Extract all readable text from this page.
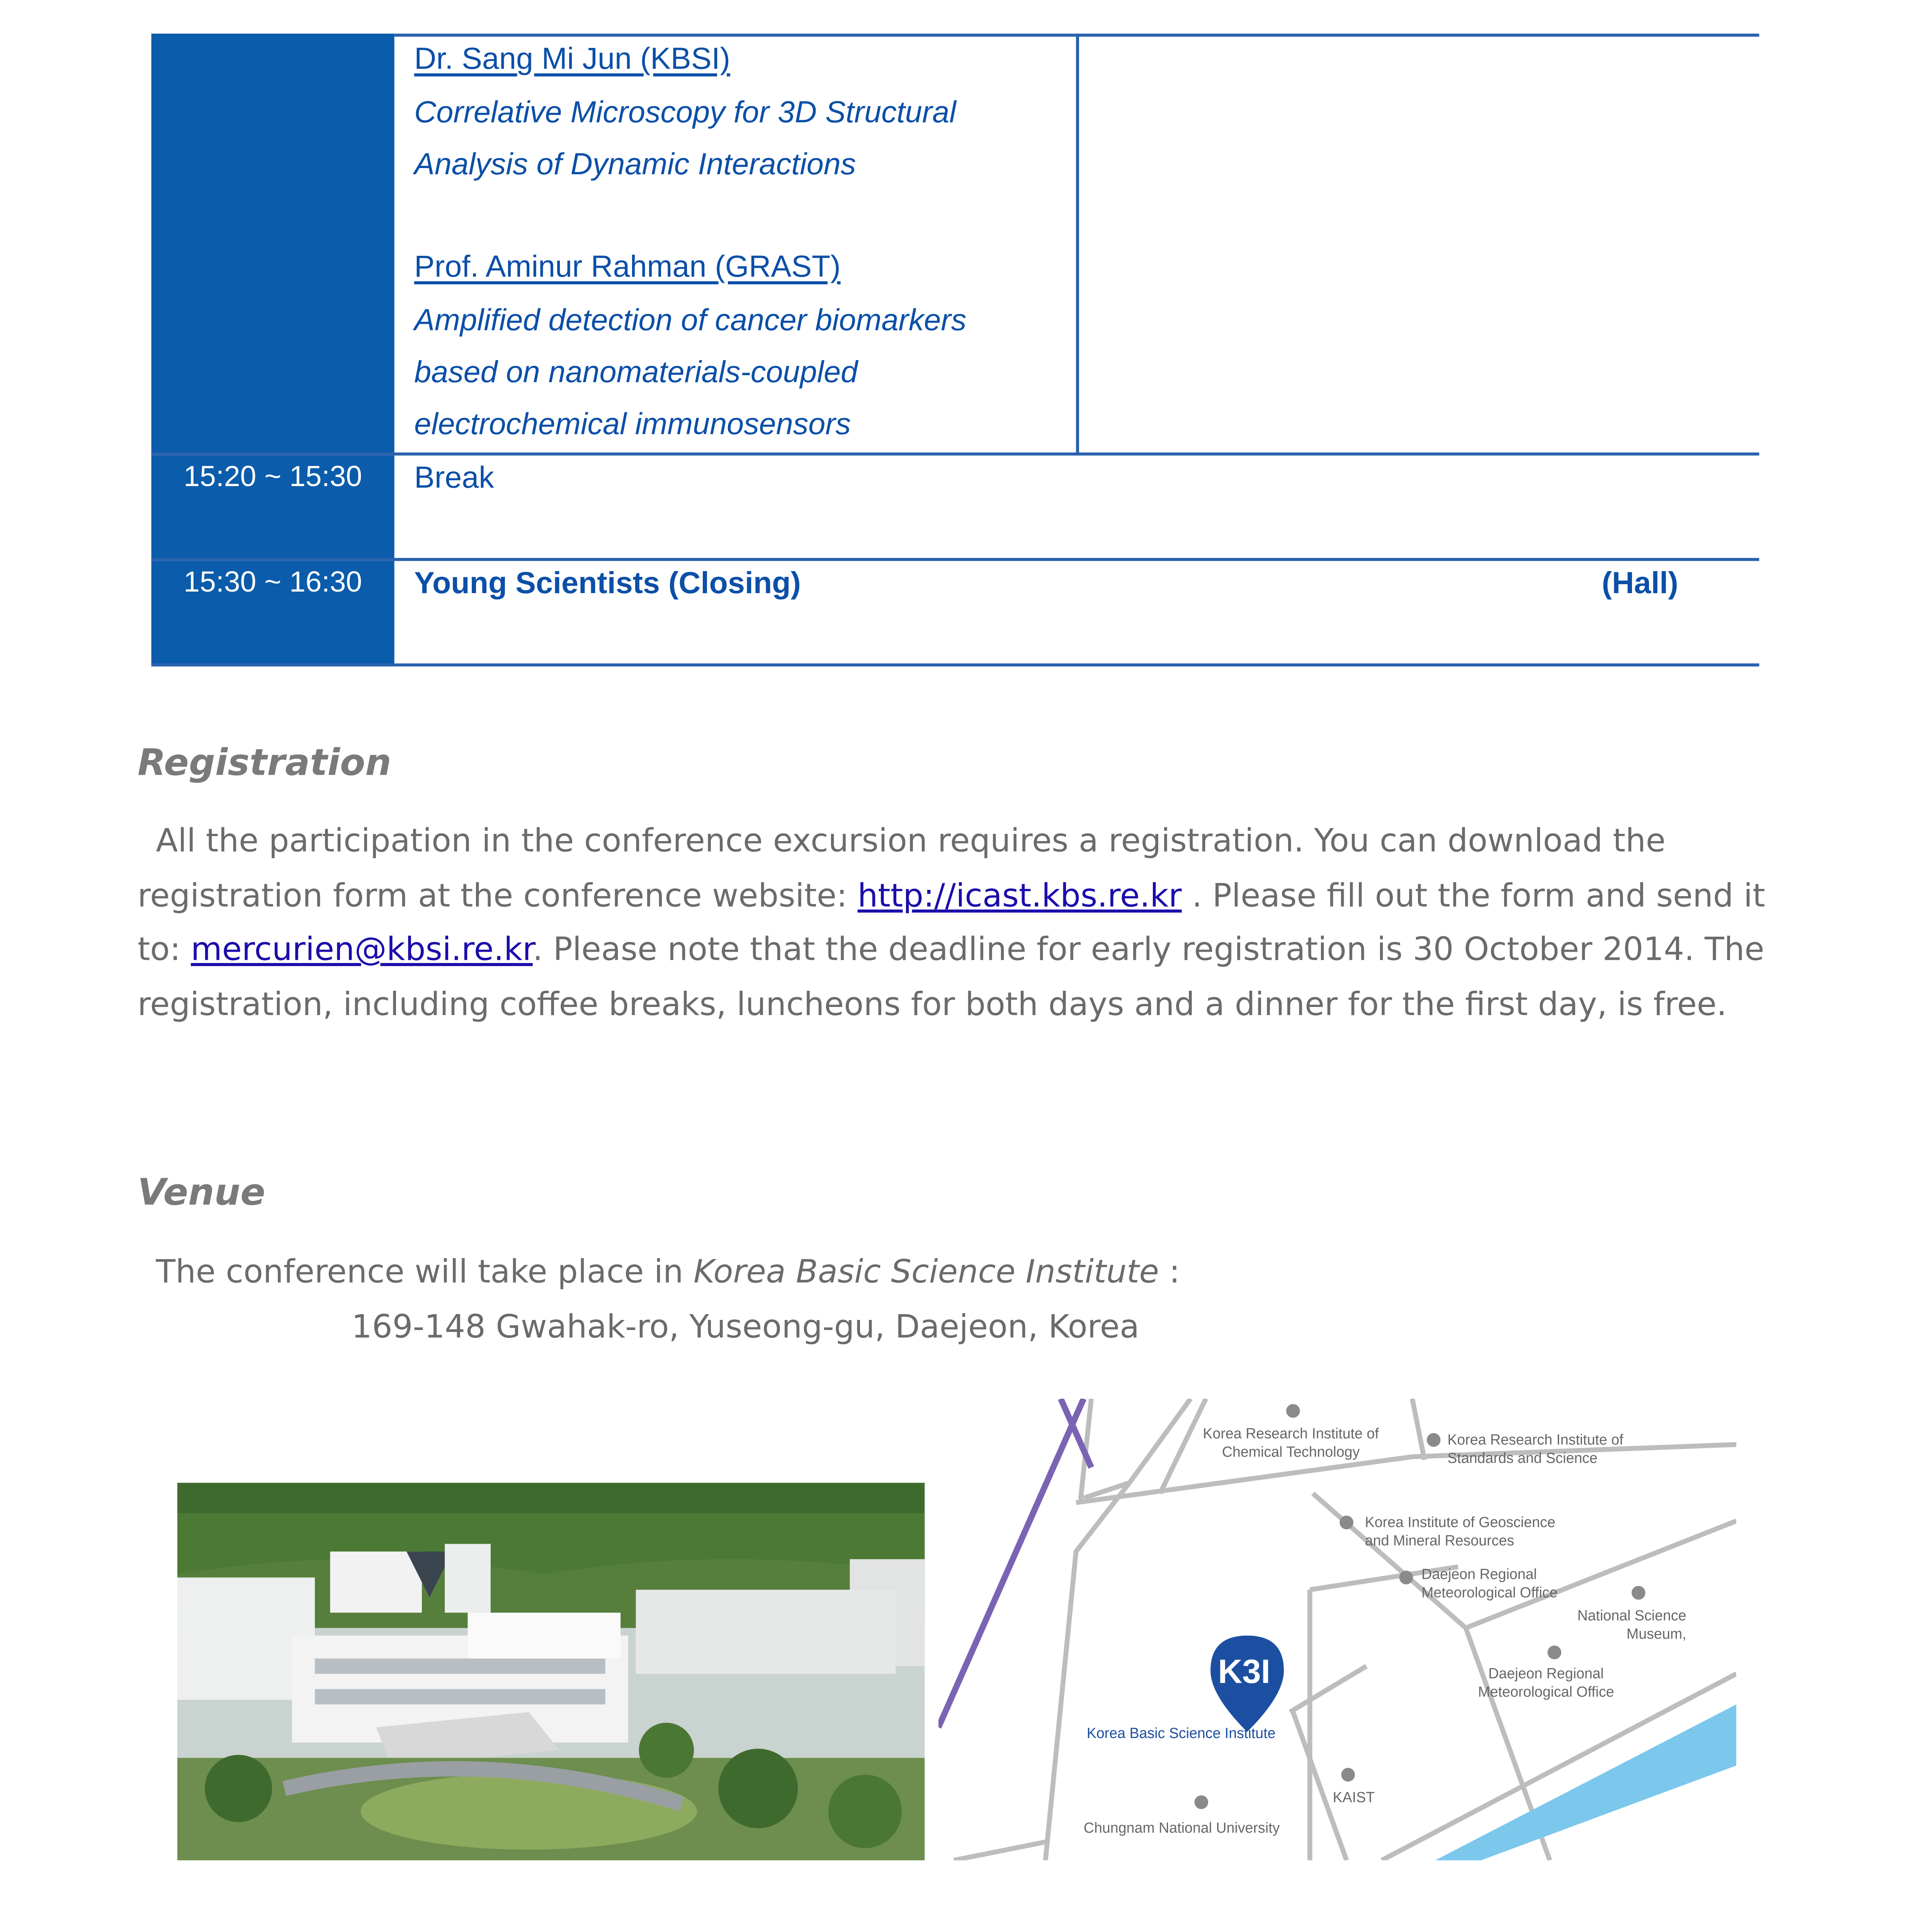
Dr. Sang Mi Jun (KBSI)
Correlative Microscopy for 3D Structural
Analysis of Dynamic Interactions
Prof. Aminur Rahman (GRAST)
Amplified detection of cancer biomarkers
based on nanomaterials-coupled
electrochemical immunosensors
15:20 ~ 15:30	Break
15:30 ~ 16:30	Young Scientists (Closing)	(Hall)
Registration
All the participation in the conference excursion requires a registration. You can download the registration form at the conference website: http://icast.kbs.re.kr . Please fill out the form and send it to: mercurien@kbsi.re.kr. Please note that the deadline for early registration is 30 October 2014. The registration, including coffee breaks, luncheons for both days and a dinner for the first day, is free.
Venue
The conference will take place in Korea Basic Science Institute :
169-148 Gwahak-ro, Yuseong-gu, Daejeon, Korea
K3I
Korea Research Institute of
Chemical Technology
Korea Research Institute of
Standards and Science
Korea Institute of Geoscience
and Mineral Resources
Daejeon Regional
Meteorological Office
National Science
Museum,
Daejeon Regional
Meteorological Office
Korea Basic Science Institute
KAIST
Chungnam National University
